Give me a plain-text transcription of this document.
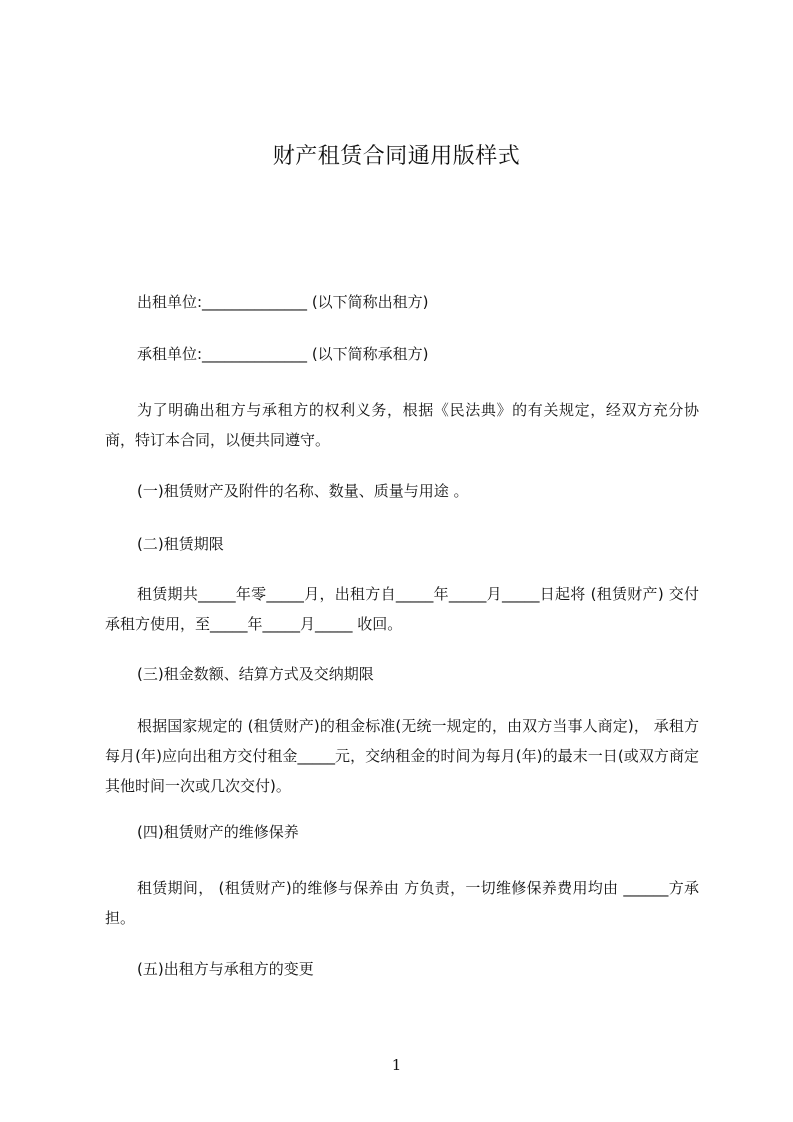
财产租赁合同通用版样式
出租单位:______________ (以下简称出租方)
承租单位:______________ (以下简称承租方)
为了明确出租方与承租方的权利义务，根据《民法典》的有关规定，经双方充分协商，特订本合同，以便共同遵守。
(一)租赁财产及附件的名称、数量、质量与用途 。
(二)租赁期限
租赁期共_____年零_____月，出租方自_____年_____月_____日起将 (租赁财产) 交付承租方使用，至_____年_____月_____ 收回。
(三)租金数额、结算方式及交纳期限
根据国家规定的 (租赁财产)的租金标准(无统一规定的，由双方当事人商定)， 承租方每月(年)应向出租方交付租金_____元，交纳租金的时间为每月(年)的最末一日(或双方商定其他时间一次或几次交付)。
(四)租赁财产的维修保养
租赁期间， (租赁财产)的维修与保养由 方负责，一切维修保养费用均由 ______方承担。
(五)出租方与承租方的变更
1
